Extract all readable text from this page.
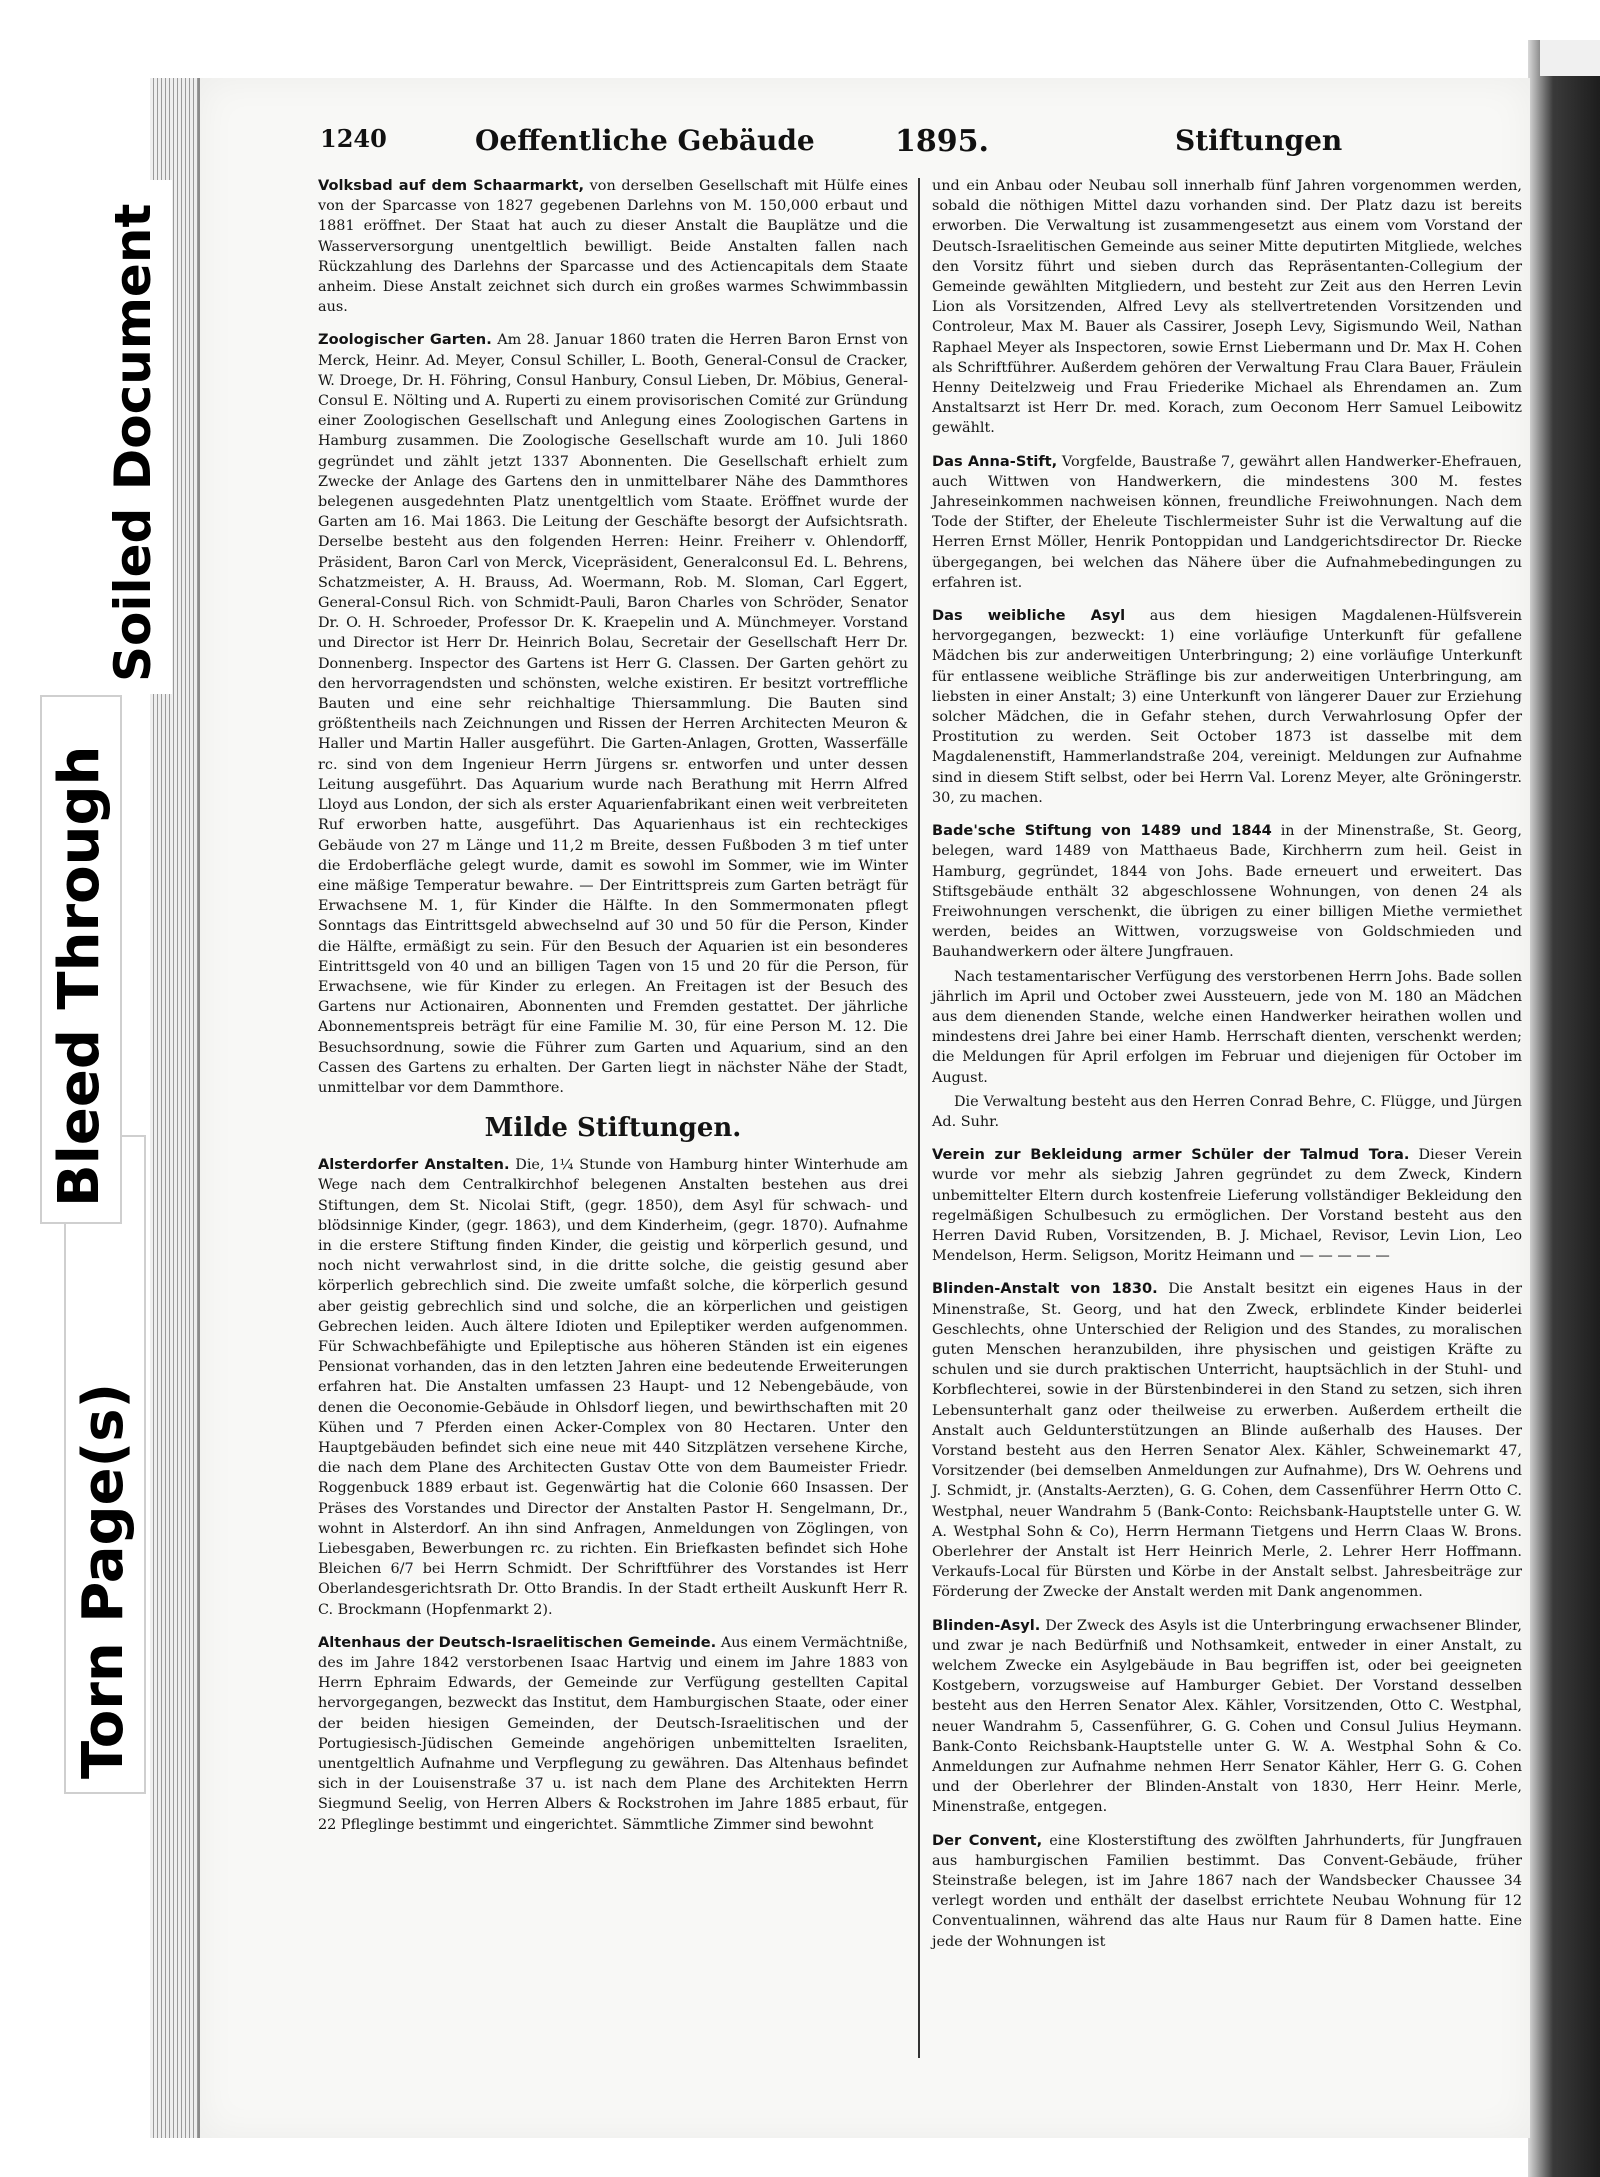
Torn Page(s)
Bleed Through
Soiled Document
1240	Oeffentliche Gebäude	1895.	Stiftungen

Volksbad auf dem Schaarmarkt, von derselben Gesellschaft mit Hülfe eines von der Sparcasse von 1827 gegebenen Darlehns von M. 150,000 erbaut und 1881 eröffnet. Der Staat hat auch zu dieser Anstalt die Bauplätze und die Wasserversorgung unentgeltlich bewilligt. Beide Anstalten fallen nach Rückzahlung des Darlehns der Sparcasse und des Actiencapitals dem Staate anheim. Diese Anstalt zeichnet sich durch ein großes warmes Schwimmbassin aus.

Zoologischer Garten. Am 28. Januar 1860 traten die Herren Baron Ernst von Merck, Heinr. Ad. Meyer, Consul Schiller, L. Booth, General-Consul de Cracker, W. Droege, Dr. H. Föhring, Consul Hanbury, Consul Lieben, Dr. Möbius, General-Consul E. Nölting und A. Ruperti zu einem provisorischen Comité zur Gründung einer Zoologischen Gesellschaft und Anlegung eines Zoologischen Gartens in Hamburg zusammen. Die Zoologische Gesellschaft wurde am 10. Juli 1860 gegründet und zählt jetzt 1337 Abonnenten. Die Gesellschaft erhielt zum Zwecke der Anlage des Gartens den in unmittelbarer Nähe des Dammthores belegenen ausgedehnten Platz unentgeltlich vom Staate. Eröffnet wurde der Garten am 16. Mai 1863. Die Leitung der Geschäfte besorgt der Aufsichtsrath. Derselbe besteht aus den folgenden Herren: Heinr. Freiherr v. Ohlendorff, Präsident, Baron Carl von Merck, Vicepräsident, Generalconsul Ed. L. Behrens, Schatzmeister, A. H. Brauss, Ad. Woermann, Rob. M. Sloman, Carl Eggert, General-Consul Rich. von Schmidt-Pauli, Baron Charles von Schröder, Senator Dr. O. H. Schroeder, Professor Dr. K. Kraepelin und A. Münchmeyer. Vorstand und Director ist Herr Dr. Heinrich Bolau, Secretair der Gesellschaft Herr Dr. Donnenberg. Inspector des Gartens ist Herr G. Classen. Der Garten gehört zu den hervorragendsten und schönsten, welche existiren. Er besitzt vortreffliche Bauten und eine sehr reichhaltige Thiersammlung. Die Bauten sind größtentheils nach Zeichnungen und Rissen der Herren Architecten Meuron & Haller und Martin Haller ausgeführt. Die Garten-Anlagen, Grotten, Wasserfälle rc. sind von dem Ingenieur Herrn Jürgens sr. entworfen und unter dessen Leitung ausgeführt. Das Aquarium wurde nach Berathung mit Herrn Alfred Lloyd aus London, der sich als erster Aquarienfabrikant einen weit verbreiteten Ruf erworben hatte, ausgeführt. Das Aquarienhaus ist ein rechteckiges Gebäude von 27 m Länge und 11,2 m Breite, dessen Fußboden 3 m tief unter die Erdoberfläche gelegt wurde, damit es sowohl im Sommer, wie im Winter eine mäßige Temperatur bewahre. — Der Eintrittspreis zum Garten beträgt für Erwachsene M. 1, für Kinder die Hälfte. In den Sommermonaten pflegt Sonntags das Eintrittsgeld abwechselnd auf 30 und 50 für die Person, Kinder die Hälfte, ermäßigt zu sein. Für den Besuch der Aquarien ist ein besonderes Eintrittsgeld von 40 und an billigen Tagen von 15 und 20 für die Person, für Erwachsene, wie für Kinder zu erlegen. An Freitagen ist der Besuch des Gartens nur Actionairen, Abonnenten und Fremden gestattet. Der jährliche Abonnementspreis beträgt für eine Familie M. 30, für eine Person M. 12. Die Besuchsordnung, sowie die Führer zum Garten und Aquarium, sind an den Cassen des Gartens zu erhalten. Der Garten liegt in nächster Nähe der Stadt, unmittelbar vor dem Dammthore.

Milde Stiftungen.

Alsterdorfer Anstalten. Die, 1¼ Stunde von Hamburg hinter Winterhude am Wege nach dem Centralkirchhof belegenen Anstalten bestehen aus drei Stiftungen, dem St. Nicolai Stift, (gegr. 1850), dem Asyl für schwach- und blödsinnige Kinder, (gegr. 1863), und dem Kinderheim, (gegr. 1870). Aufnahme in die erstere Stiftung finden Kinder, die geistig und körperlich gesund, und noch nicht verwahrlost sind, in die dritte solche, die geistig gesund aber körperlich gebrechlich sind. Die zweite umfaßt solche, die körperlich gesund aber geistig gebrechlich sind und solche, die an körperlichen und geistigen Gebrechen leiden. Auch ältere Idioten und Epileptiker werden aufgenommen. Für Schwachbefähigte und Epileptische aus höheren Ständen ist ein eigenes Pensionat vorhanden, das in den letzten Jahren eine bedeutende Erweiterungen erfahren hat. Die Anstalten umfassen 23 Haupt- und 12 Nebengebäude, von denen die Oeconomie-Gebäude in Ohlsdorf liegen, und bewirthschaften mit 20 Kühen und 7 Pferden einen Acker-Complex von 80 Hectaren. Unter den Hauptgebäuden befindet sich eine neue mit 440 Sitzplätzen versehene Kirche, die nach dem Plane des Architecten Gustav Otte von dem Baumeister Friedr. Roggenbuck 1889 erbaut ist. Gegenwärtig hat die Colonie 660 Insassen. Der Präses des Vorstandes und Director der Anstalten Pastor H. Sengelmann, Dr., wohnt in Alsterdorf. An ihn sind Anfragen, Anmeldungen von Zöglingen, von Liebesgaben, Bewerbungen rc. zu richten. Ein Briefkasten befindet sich Hohe Bleichen 6/7 bei Herrn Schmidt. Der Schriftführer des Vorstandes ist Herr Oberlandesgerichtsrath Dr. Otto Brandis. In der Stadt ertheilt Auskunft Herr R. C. Brockmann (Hopfenmarkt 2).

Altenhaus der Deutsch-Israelitischen Gemeinde. Aus einem Vermächtniße, des im Jahre 1842 verstorbenen Isaac Hartvig und einem im Jahre 1883 von Herrn Ephraim Edwards, der Gemeinde zur Verfügung gestellten Capital hervorgegangen, bezweckt das Institut, dem Hamburgischen Staate, oder einer der beiden hiesigen Gemeinden, der Deutsch-Israelitischen und der Portugiesisch-Jüdischen Gemeinde angehörigen unbemittelten Israeliten, unentgeltlich Aufnahme und Verpflegung zu gewähren. Das Altenhaus befindet sich in der Louisenstraße 37 u. ist nach dem Plane des Architekten Herrn Siegmund Seelig, von Herren Albers & Rockstrohen im Jahre 1885 erbaut, für 22 Pfleglinge bestimmt und eingerichtet. Sämmtliche Zimmer sind bewohnt

und ein Anbau oder Neubau soll innerhalb fünf Jahren vorgenommen werden, sobald die nöthigen Mittel dazu vorhanden sind. Der Platz dazu ist bereits erworben. Die Verwaltung ist zusammengesetzt aus einem vom Vorstand der Deutsch-Israelitischen Gemeinde aus seiner Mitte deputirten Mitgliede, welches den Vorsitz führt und sieben durch das Repräsentanten-Collegium der Gemeinde gewählten Mitgliedern, und besteht zur Zeit aus den Herren Levin Lion als Vorsitzenden, Alfred Levy als stellvertretenden Vorsitzenden und Controleur, Max M. Bauer als Cassirer, Joseph Levy, Sigismundo Weil, Nathan Raphael Meyer als Inspectoren, sowie Ernst Liebermann und Dr. Max H. Cohen als Schriftführer. Außerdem gehören der Verwaltung Frau Clara Bauer, Fräulein Henny Deitelzweig und Frau Friederike Michael als Ehrendamen an. Zum Anstaltsarzt ist Herr Dr. med. Korach, zum Oeconom Herr Samuel Leibowitz gewählt.

Das Anna-Stift, Vorgfelde, Baustraße 7, gewährt allen Handwerker-Ehefrauen, auch Wittwen von Handwerkern, die mindestens 300 M. festes Jahreseinkommen nachweisen können, freundliche Freiwohnungen. Nach dem Tode der Stifter, der Eheleute Tischlermeister Suhr ist die Verwaltung auf die Herren Ernst Möller, Henrik Pontoppidan und Landgerichtsdirector Dr. Riecke übergegangen, bei welchen das Nähere über die Aufnahmebedingungen zu erfahren ist.

Das weibliche Asyl aus dem hiesigen Magdalenen-Hülfsverein hervorgegangen, bezweckt: 1) eine vorläufige Unterkunft für gefallene Mädchen bis zur anderweitigen Unterbringung; 2) eine vorläufige Unterkunft für entlassene weibliche Sträflinge bis zur anderweitigen Unterbringung, am liebsten in einer Anstalt; 3) eine Unterkunft von längerer Dauer zur Erziehung solcher Mädchen, die in Gefahr stehen, durch Verwahrlosung Opfer der Prostitution zu werden. Seit October 1873 ist dasselbe mit dem Magdalenenstift, Hammerlandstraße 204, vereinigt. Meldungen zur Aufnahme sind in diesem Stift selbst, oder bei Herrn Val. Lorenz Meyer, alte Gröningerstr. 30, zu machen.

Bade'sche Stiftung von 1489 und 1844 in der Minenstraße, St. Georg, belegen, ward 1489 von Matthaeus Bade, Kirchherrn zum heil. Geist in Hamburg, gegründet, 1844 von Johs. Bade erneuert und erweitert. Das Stiftsgebäude enthält 32 abgeschlossene Wohnungen, von denen 24 als Freiwohnungen verschenkt, die übrigen zu einer billigen Miethe vermiethet werden, beides an Wittwen, vorzugsweise von Goldschmieden und Bauhandwerkern oder ältere Jungfrauen.

Nach testamentarischer Verfügung des verstorbenen Herrn Johs. Bade sollen jährlich im April und October zwei Aussteuern, jede von M. 180 an Mädchen aus dem dienenden Stande, welche einen Handwerker heirathen wollen und mindestens drei Jahre bei einer Hamb. Herrschaft dienten, verschenkt werden; die Meldungen für April erfolgen im Februar und diejenigen für October im August.

Die Verwaltung besteht aus den Herren Conrad Behre, C. Flügge, und Jürgen Ad. Suhr.

Verein zur Bekleidung armer Schüler der Talmud Tora. Dieser Verein wurde vor mehr als siebzig Jahren gegründet zu dem Zweck, Kindern unbemittelter Eltern durch kostenfreie Lieferung vollständiger Bekleidung den regelmäßigen Schulbesuch zu ermöglichen. Der Vorstand besteht aus den Herren David Ruben, Vorsitzenden, B. J. Michael, Revisor, Levin Lion, Leo Mendelson, Herm. Seligson, Moritz Heimann und — — — — —

Blinden-Anstalt von 1830. Die Anstalt besitzt ein eigenes Haus in der Minenstraße, St. Georg, und hat den Zweck, erblindete Kinder beiderlei Geschlechts, ohne Unterschied der Religion und des Standes, zu moralischen guten Menschen heranzubilden, ihre physischen und geistigen Kräfte zu schulen und sie durch praktischen Unterricht, hauptsächlich in der Stuhl- und Korbflechterei, sowie in der Bürstenbinderei in den Stand zu setzen, sich ihren Lebensunterhalt ganz oder theilweise zu erwerben. Außerdem ertheilt die Anstalt auch Geldunterstützungen an Blinde außerhalb des Hauses. Der Vorstand besteht aus den Herren Senator Alex. Kähler, Schweinemarkt 47, Vorsitzender (bei demselben Anmeldungen zur Aufnahme), Drs W. Oehrens und J. Schmidt, jr. (Anstalts-Aerzten), G. G. Cohen, dem Cassenführer Herrn Otto C. Westphal, neuer Wandrahm 5 (Bank-Conto: Reichsbank-Hauptstelle unter G. W. A. Westphal Sohn & Co), Herrn Hermann Tietgens und Herrn Claas W. Brons. Oberlehrer der Anstalt ist Herr Heinrich Merle, 2. Lehrer Herr Hoffmann. Verkaufs-Local für Bürsten und Körbe in der Anstalt selbst. Jahresbeiträge zur Förderung der Zwecke der Anstalt werden mit Dank angenommen.

Blinden-Asyl. Der Zweck des Asyls ist die Unterbringung erwachsener Blinder, und zwar je nach Bedürfniß und Nothsamkeit, entweder in einer Anstalt, zu welchem Zwecke ein Asylgebäude in Bau begriffen ist, oder bei geeigneten Kostgebern, vorzugsweise auf Hamburger Gebiet. Der Vorstand desselben besteht aus den Herren Senator Alex. Kähler, Vorsitzenden, Otto C. Westphal, neuer Wandrahm 5, Cassenführer, G. G. Cohen und Consul Julius Heymann. Bank-Conto Reichsbank-Hauptstelle unter G. W. A. Westphal Sohn & Co. Anmeldungen zur Aufnahme nehmen Herr Senator Kähler, Herr G. G. Cohen und der Oberlehrer der Blinden-Anstalt von 1830, Herr Heinr. Merle, Minenstraße, entgegen.

Der Convent, eine Klosterstiftung des zwölften Jahrhunderts, für Jungfrauen aus hamburgischen Familien bestimmt. Das Convent-Gebäude, früher Steinstraße belegen, ist im Jahre 1867 nach der Wandsbecker Chaussee 34 verlegt worden und enthält der daselbst errichtete Neubau Wohnung für 12 Conventualinnen, während das alte Haus nur Raum für 8 Damen hatte. Eine jede der Wohnungen ist
